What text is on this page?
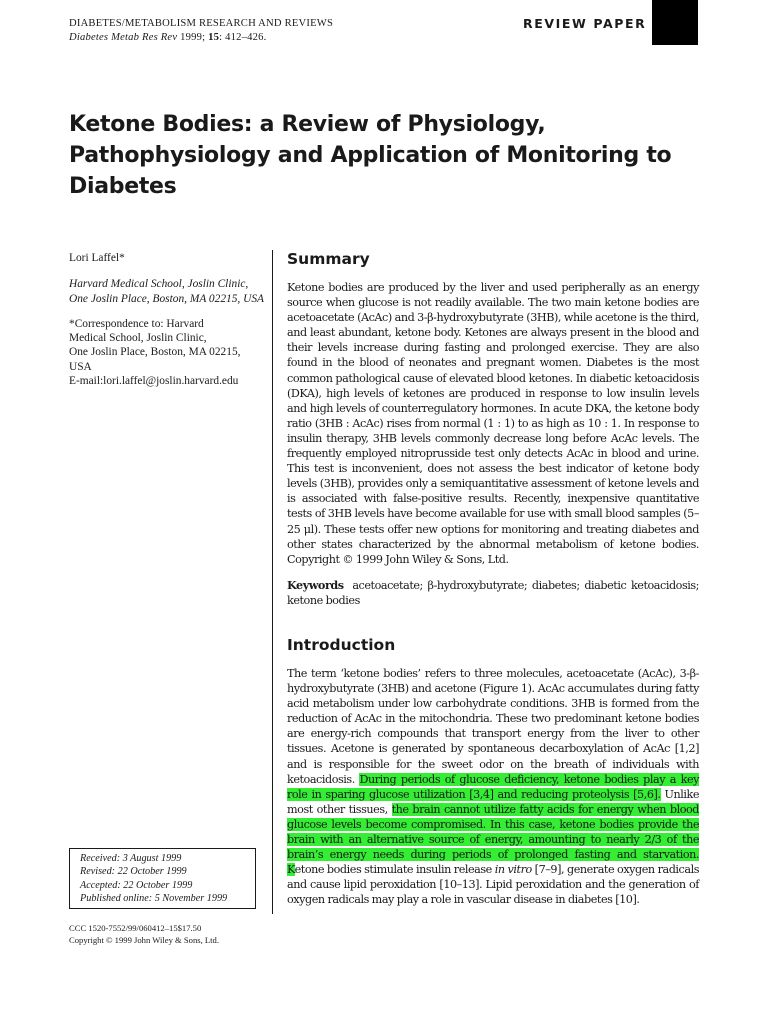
DIABETES/METABOLISM RESEARCH AND REVIEWS
Diabetes Metab Res Rev 1999; 15: 412–426.
REVIEW PAPER
Ketone Bodies: a Review of Physiology, Pathophysiology and Application of Monitoring to Diabetes
Lori Laffel*
Harvard Medical School, Joslin Clinic, One Joslin Place, Boston, MA 02215, USA
*Correspondence to: Harvard
Medical School, Joslin Clinic,
One Joslin Place, Boston, MA 02215,
USA
E-mail:lori.laffel@joslin.harvard.edu
Received: 3 August 1999
Revised: 22 October 1999
Accepted: 22 October 1999
Published online: 5 November 1999
CCC 1520-7552/99/060412–15$17.50
Copyright © 1999 John Wiley & Sons, Ltd.
Summary

Ketone bodies are produced by the liver and used peripherally as an energy source when glucose is not readily available. The two main ketone bodies are acetoacetate (AcAc) and 3-β-hydroxybutyrate (3HB), while acetone is the third, and least abundant, ketone body. Ketones are always present in the blood and their levels increase during fasting and prolonged exercise. They are also found in the blood of neonates and pregnant women. Diabetes is the most common pathological cause of elevated blood ketones. In diabetic ketoacidosis (DKA), high levels of ketones are produced in response to low insulin levels and high levels of counterregulatory hormones. In acute DKA, the ketone body ratio (3HB : AcAc) rises from normal (1 : 1) to as high as 10 : 1. In response to insulin therapy, 3HB levels commonly decrease long before AcAc levels. The frequently employed nitroprusside test only detects AcAc in blood and urine. This test is inconvenient, does not assess the best indicator of ketone body levels (3HB), provides only a semiquantitative assessment of ketone levels and is associated with false-positive results. Recently, inexpensive quantitative tests of 3HB levels have become available for use with small blood samples (5–25 μl). These tests offer new options for monitoring and treating diabetes and other states characterized by the abnormal metabolism of ketone bodies. Copyright © 1999 John Wiley & Sons, Ltd.

Keywords acetoacetate; β-hydroxybutyrate; diabetes; diabetic ketoacidosis; ketone bodies

Introduction

The term ‘ketone bodies’ refers to three molecules, acetoacetate (AcAc), 3-β-hydroxybutyrate (3HB) and acetone (Figure 1). AcAc accumulates during fatty acid metabolism under low carbohydrate conditions. 3HB is formed from the reduction of AcAc in the mitochondria. These two predominant ketone bodies are energy-rich compounds that transport energy from the liver to other tissues. Acetone is generated by spontaneous decarboxylation of AcAc [1,2] and is responsible for the sweet odor on the breath of individuals with ketoacidosis. During periods of glucose deficiency, ketone bodies play a key role in sparing glucose utilization [3,4] and reducing proteolysis [5,6]. Unlike most other tissues, the brain cannot utilize fatty acids for energy when blood glucose levels become compromised. In this case, ketone bodies provide the brain with an alternative source of energy, amounting to nearly 2/3 of the brain’s energy needs during periods of prolonged fasting and starvation. Ketone bodies stimulate insulin release in vitro [7–9], generate oxygen radicals and cause lipid peroxidation [10–13]. Lipid peroxidation and the generation of oxygen radicals may play a role in vascular disease in diabetes [10].
